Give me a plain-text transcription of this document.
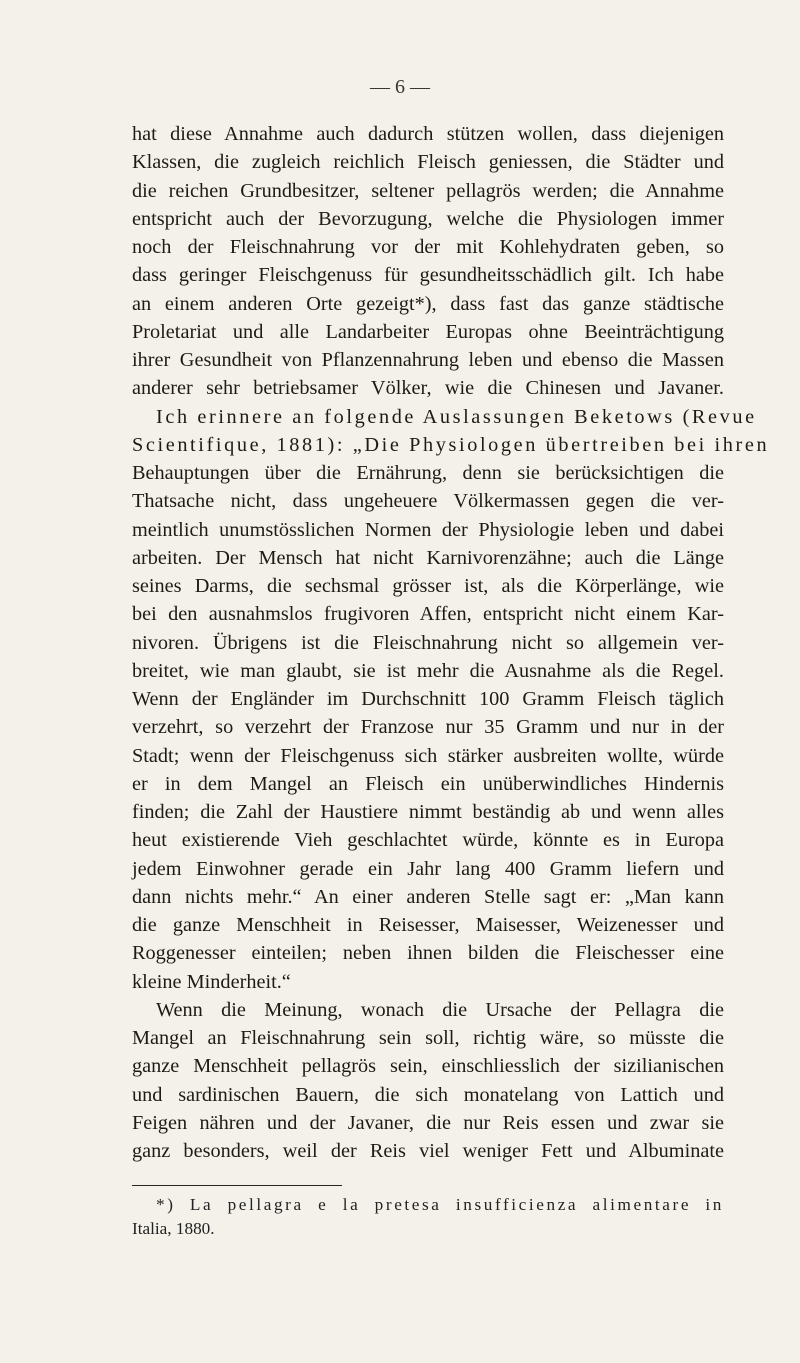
— 6 —
hat diese Annahme auch dadurch stützen wollen, dass diejenigen
Klassen, die zugleich reichlich Fleisch geniessen, die Städter und
die reichen Grundbesitzer, seltener pellagrös werden; die Annahme
entspricht auch der Bevorzugung, welche die Physiologen immer
noch der Fleischnahrung vor der mit Kohlehydraten geben, so
dass geringer Fleischgenuss für gesundheitsschädlich gilt. Ich habe
an einem anderen Orte gezeigt*), dass fast das ganze städtische
Proletariat und alle Landarbeiter Europas ohne Beeinträchtigung
ihrer Gesundheit von Pflanzennahrung leben und ebenso die Massen
anderer sehr betriebsamer Völker, wie die Chinesen und Javaner.
Ich erinnere an folgende Auslassungen Beketows (Revue
Scientifique, 1881): „Die Physiologen übertreiben bei ihren
Behauptungen über die Ernährung, denn sie berücksichtigen die
Thatsache nicht, dass ungeheuere Völkermassen gegen die ver-
meintlich unumstösslichen Normen der Physiologie leben und dabei
arbeiten. Der Mensch hat nicht Karnivorenzähne; auch die Länge
seines Darms, die sechsmal grösser ist, als die Körperlänge, wie
bei den ausnahmslos frugivoren Affen, entspricht nicht einem Kar-
nivoren. Übrigens ist die Fleischnahrung nicht so allgemein ver-
breitet, wie man glaubt, sie ist mehr die Ausnahme als die Regel.
Wenn der Engländer im Durchschnitt 100 Gramm Fleisch täglich
verzehrt, so verzehrt der Franzose nur 35 Gramm und nur in der
Stadt; wenn der Fleischgenuss sich stärker ausbreiten wollte, würde
er in dem Mangel an Fleisch ein unüberwindliches Hindernis
finden; die Zahl der Haustiere nimmt beständig ab und wenn alles
heut existierende Vieh geschlachtet würde, könnte es in Europa
jedem Einwohner gerade ein Jahr lang 400 Gramm liefern und
dann nichts mehr.“ An einer anderen Stelle sagt er: „Man kann
die ganze Menschheit in Reisesser, Maisesser, Weizenesser und
Roggenesser einteilen; neben ihnen bilden die Fleischesser eine
kleine Minderheit.“
Wenn die Meinung, wonach die Ursache der Pellagra die
Mangel an Fleischnahrung sein soll, richtig wäre, so müsste die
ganze Menschheit pellagrös sein, einschliesslich der sizilianischen
und sardinischen Bauern, die sich monatelang von Lattich und
Feigen nähren und der Javaner, die nur Reis essen und zwar sie
ganz besonders, weil der Reis viel weniger Fett und Albuminate
*) La pellagra e la pretesa insufficienza alimentare in
Italia, 1880.
